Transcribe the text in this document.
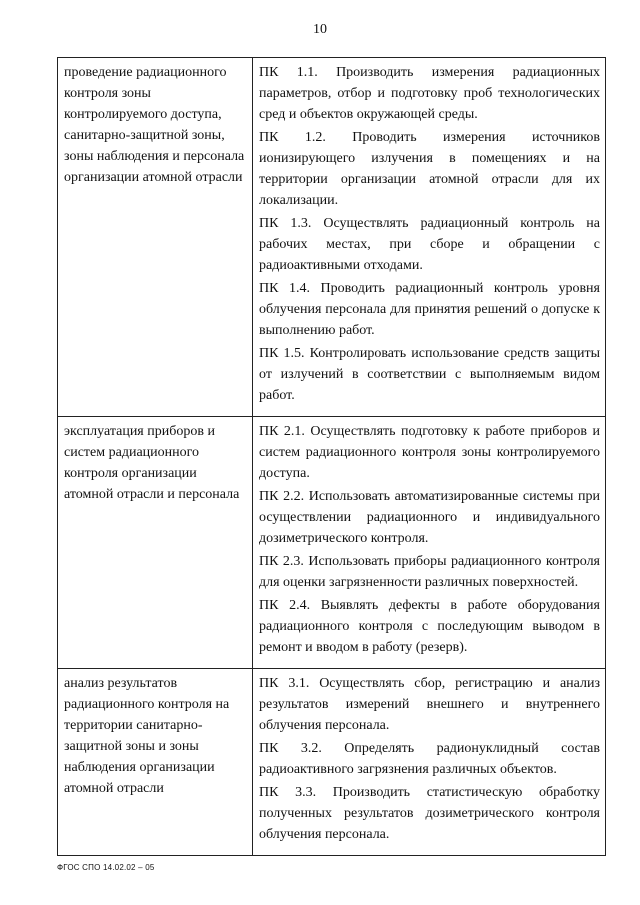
10
проведение радиационного контроля зоны контролируемого доступа, санитарно-защитной зоны, зоны наблюдения и персонала организации атомной отрасли	ПК 1.1. Производить измерения радиационных параметров, отбор и подготовку проб технологических сред и объектов окружающей среды.
ПК 1.2. Проводить измерения источников ионизирующего излучения в помещениях и на территории организации атомной отрасли для их локализации.
ПК 1.3. Осуществлять радиационный контроль на рабочих местах, при сборе и обращении с радиоактивными отходами.
ПК 1.4. Проводить радиационный контроль уровня облучения персонала для принятия решений о допуске к выполнению работ.
ПК 1.5. Контролировать использование средств защиты от излучений в соответствии с выполняемым видом работ.

эксплуатация приборов и систем радиационного контроля организации атомной отрасли и персонала	ПК 2.1. Осуществлять подготовку к работе приборов и систем радиационного контроля зоны контролируемого доступа.
ПК 2.2. Использовать автоматизированные системы при осуществлении радиационного и индивидуального дозиметрического контроля.
ПК 2.3. Использовать приборы радиационного контроля для оценки загрязненности различных поверхностей.
ПК 2.4. Выявлять дефекты в работе оборудования радиационного контроля с последующим выводом в ремонт и вводом в работу (резерв).

анализ результатов радиационного контроля на территории санитарно-защитной зоны и зоны наблюдения организации атомной отрасли	ПК 3.1. Осуществлять сбор, регистрацию и анализ результатов измерений внешнего и внутреннего облучения персонала.
ПК 3.2. Определять радионуклидный состав радиоактивного загрязнения различных объектов.
ПК 3.3. Производить статистическую обработку полученных результатов дозиметрического контроля облучения персонала.
ФГОС СПО 14.02.02 – 05
